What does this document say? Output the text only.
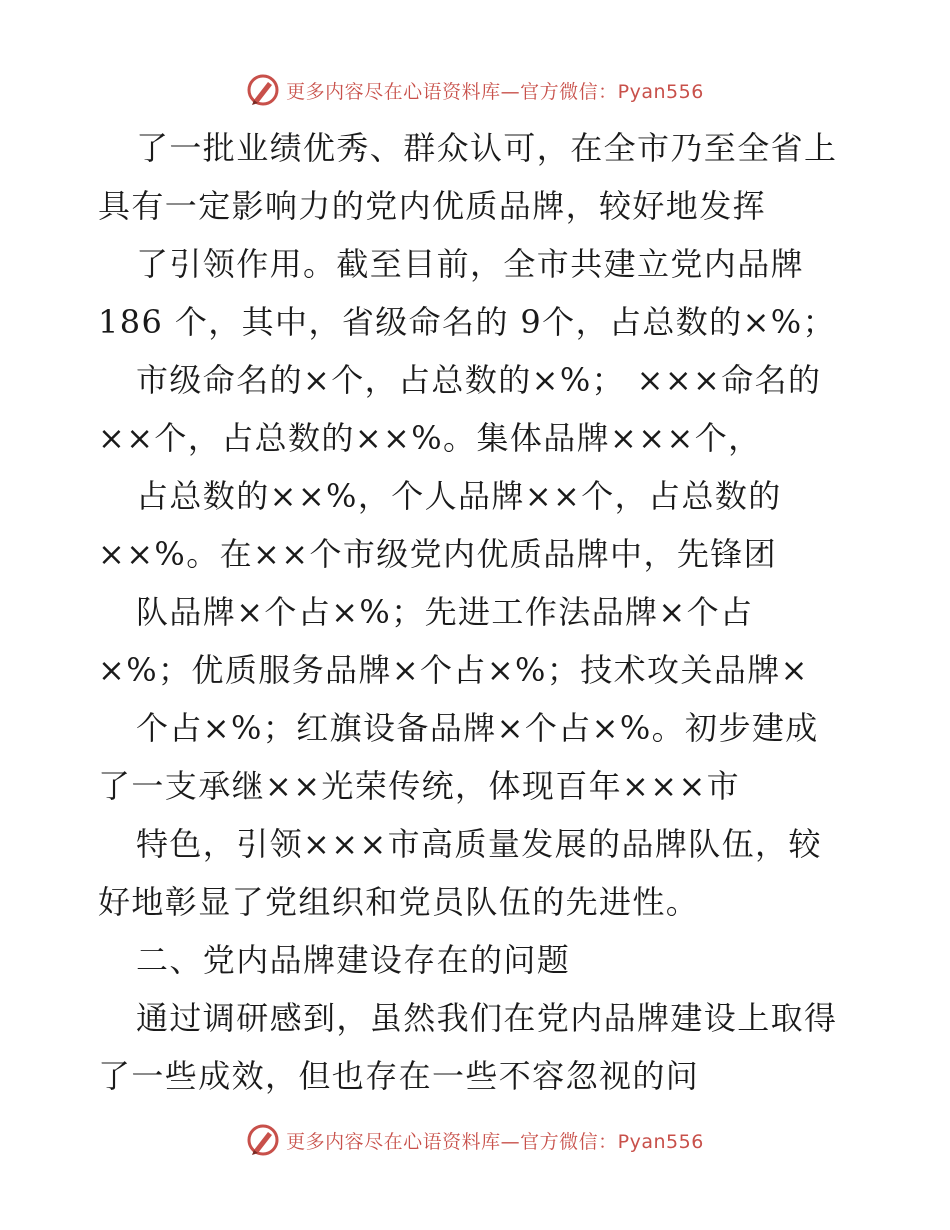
更多内容尽在心语资料库—官方微信：Pyan556
了一批业绩优秀、群众认可，在全市乃至全省上
具有一定影响力的党内优质品牌，较好地发挥
了引领作用。截至目前，全市共建立党内品牌
186 个，其中，省级命名的 9个，占总数的×%；
市级命名的×个，占总数的×%； ×××命名的
××个，占总数的××%。集体品牌×××个，
占总数的××%，个人品牌××个，占总数的
××%。在××个市级党内优质品牌中，先锋团
队品牌×个占×%；先进工作法品牌×个占
×%；优质服务品牌×个占×%；技术攻关品牌×
个占×%；红旗设备品牌×个占×%。初步建成
了一支承继××光荣传统，体现百年×××市
特色，引领×××市高质量发展的品牌队伍，较
好地彰显了党组织和党员队伍的先进性。
二、党内品牌建设存在的问题
通过调研感到，虽然我们在党内品牌建设上取得
了一些成效，但也存在一些不容忽视的问
更多内容尽在心语资料库—官方微信：Pyan556
